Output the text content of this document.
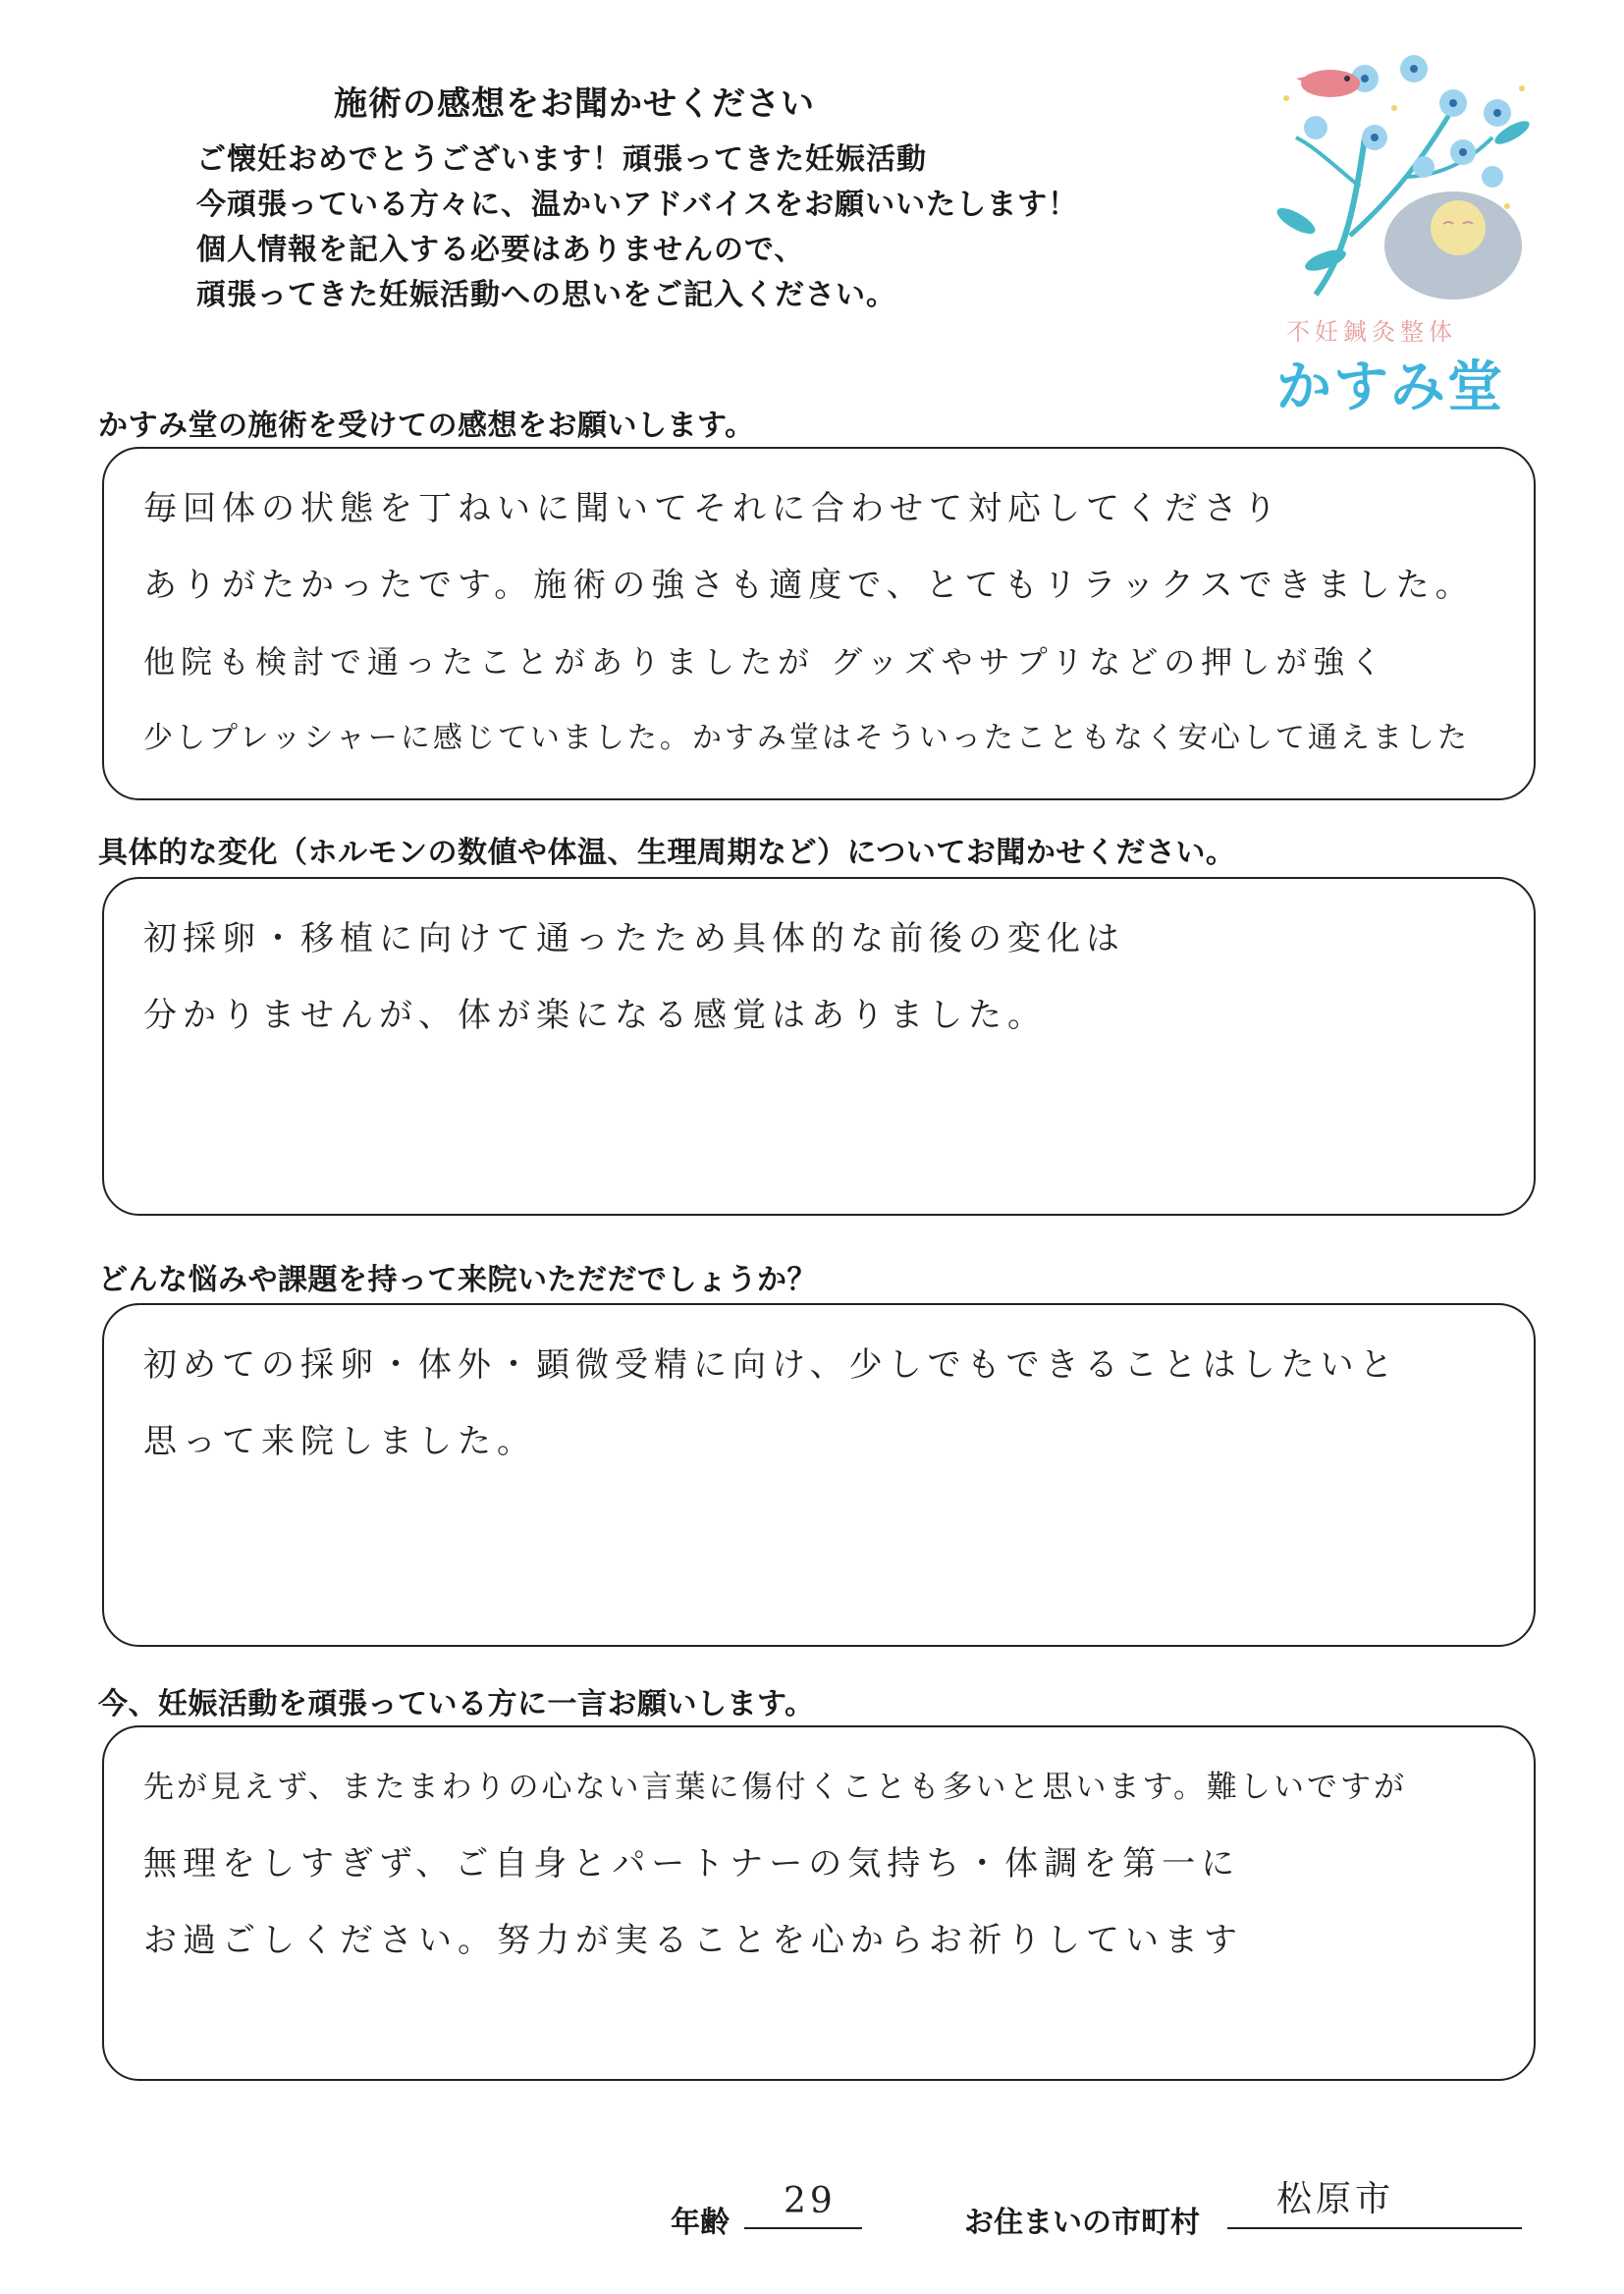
施術の感想をお聞かせください
ご懐妊おめでとうございます！頑張ってきた妊娠活動
今頑張っている方々に、温かいアドバイスをお願いいたします！
個人情報を記入する必要はありませんので、
頑張ってきた妊娠活動への思いをご記入ください。
不妊鍼灸整体
かすみ堂
かすみ堂の施術を受けての感想をお願いします。
毎回体の状態を丁ねいに聞いてそれに合わせて対応してくださり
ありがたかったです。施術の強さも適度で、とてもリラックスできました。
他院も検討で通ったことがありましたが グッズやサプリなどの押しが強く
少しプレッシャーに感じていました。かすみ堂はそういったこともなく安心して通えました
具体的な変化（ホルモンの数値や体温、生理周期など）についてお聞かせください。
初採卵・移植に向けて通ったため具体的な前後の変化は
分かりませんが、体が楽になる感覚はありました。
どんな悩みや課題を持って来院いただだでしょうか？
初めての採卵・体外・顕微受精に向け、少しでもできることはしたいと
思って来院しました。
今、妊娠活動を頑張っている方に一言お願いします。
先が見えず、またまわりの心ない言葉に傷付くことも多いと思います。難しいですが
無理をしすぎず、ご自身とパートナーの気持ち・体調を第一に
お過ごしください。努力が実ることを心からお祈りしています
年齢
29
お住まいの市町村
松原市
